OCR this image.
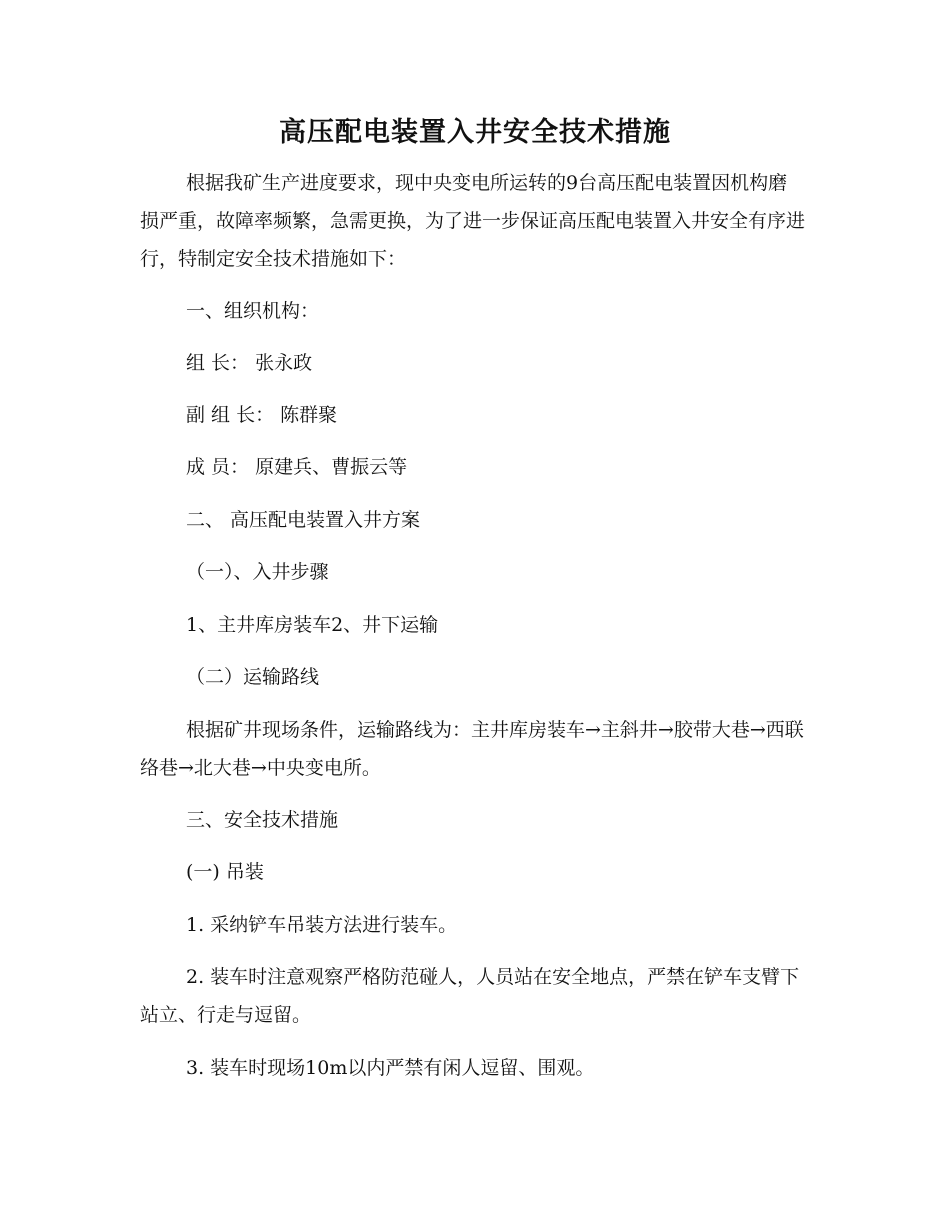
高压配电装置入井安全技术措施

根据我矿生产进度要求，现中央变电所运转的9台高压配电装置因机构磨损严重，故障率频繁，急需更换，为了进一步保证高压配电装置入井安全有序进行，特制定安全技术措施如下：

一、组织机构：

组 长： 张永政

副 组 长： 陈群聚

成 员： 原建兵、曹振云等

二、 高压配电装置入井方案

（一）、入井步骤

1、主井库房装车2、井下运输

（二）运输路线

根据矿井现场条件，运输路线为：主井库房装车→主斜井→胶带大巷→西联络巷→北大巷→中央变电所。

三、安全技术措施

(一) 吊装

1. 采纳铲车吊装方法进行装车。

2. 装车时注意观察严格防范碰人，人员站在安全地点，严禁在铲车支臂下站立、行走与逗留。

3. 装车时现场10m以内严禁有闲人逗留、围观。
